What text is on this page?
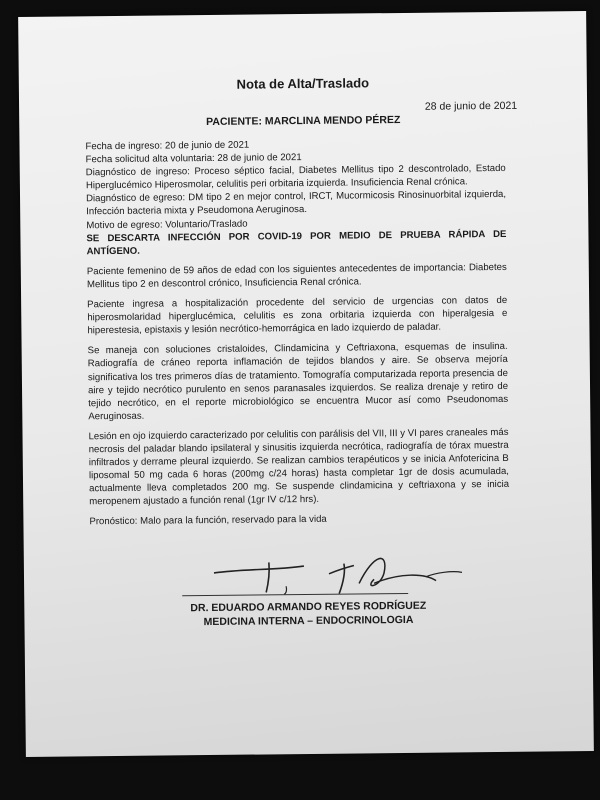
Nota de Alta/Traslado
28 de junio de 2021
PACIENTE: MARCLINA MENDO PÉREZ

Fecha de ingreso: 20 de junio de 2021
Fecha solicitud alta voluntaria: 28 de junio de 2021
Diagnóstico de ingreso: Proceso séptico facial, Diabetes Mellitus tipo 2 descontrolado, Estado Hiperglucémico Hiperosmolar, celulitis peri orbitaria izquierda. Insuficiencia Renal crónica.
Diagnóstico de egreso: DM tipo 2 en mejor control, IRCT, Mucormicosis Rinosinuorbital izquierda, Infección bacteria mixta y Pseudomona Aeruginosa.
Motivo de egreso: Voluntario/Traslado
SE DESCARTA INFECCIÓN POR COVID-19 POR MEDIO DE PRUEBA RÁPIDA DE ANTÍGENO.

Paciente femenino de 59 años de edad con los siguientes antecedentes de importancia: Diabetes Mellitus tipo 2 en descontrol crónico, Insuficiencia Renal crónica.

Paciente ingresa a hospitalización procedente del servicio de urgencias con datos de hiperosmolaridad hiperglucémica, celulitis es zona orbitaria izquierda con hiperalgesia e hiperestesia, epistaxis y lesión necrótico-hemorrágica en lado izquierdo de paladar.

Se maneja con soluciones cristaloides, Clindamicina y Ceftriaxona, esquemas de insulina. Radiografía de cráneo reporta inflamación de tejidos blandos y aire. Se observa mejoría significativa los tres primeros días de tratamiento. Tomografía computarizada reporta presencia de aire y tejido necrótico purulento en senos paranasales izquierdos. Se realiza drenaje y retiro de tejido necrótico, en el reporte microbiológico se encuentra Mucor así como Pseudonomas Aeruginosas.

Lesión en ojo izquierdo caracterizado por celulitis con parálisis del VII, III y VI pares craneales más necrosis del paladar blando ipsilateral y sinusitis izquierda necrótica, radiografía de tórax muestra infiltrados y derrame pleural izquierdo. Se realizan cambios terapéuticos y se inicia Anfotericina B liposomal 50 mg cada 6 horas (200mg c/24 horas) hasta completar 1gr de dosis acumulada, actualmente lleva completados 200 mg. Se suspende clindamicina y ceftriaxona y se inicia meropenem ajustado a función renal (1gr IV c/12 hrs).

Pronóstico: Malo para la función, reservado para la vida

DR. EDUARDO ARMANDO REYES RODRÍGUEZ
MEDICINA INTERNA – ENDOCRINOLOGIA
